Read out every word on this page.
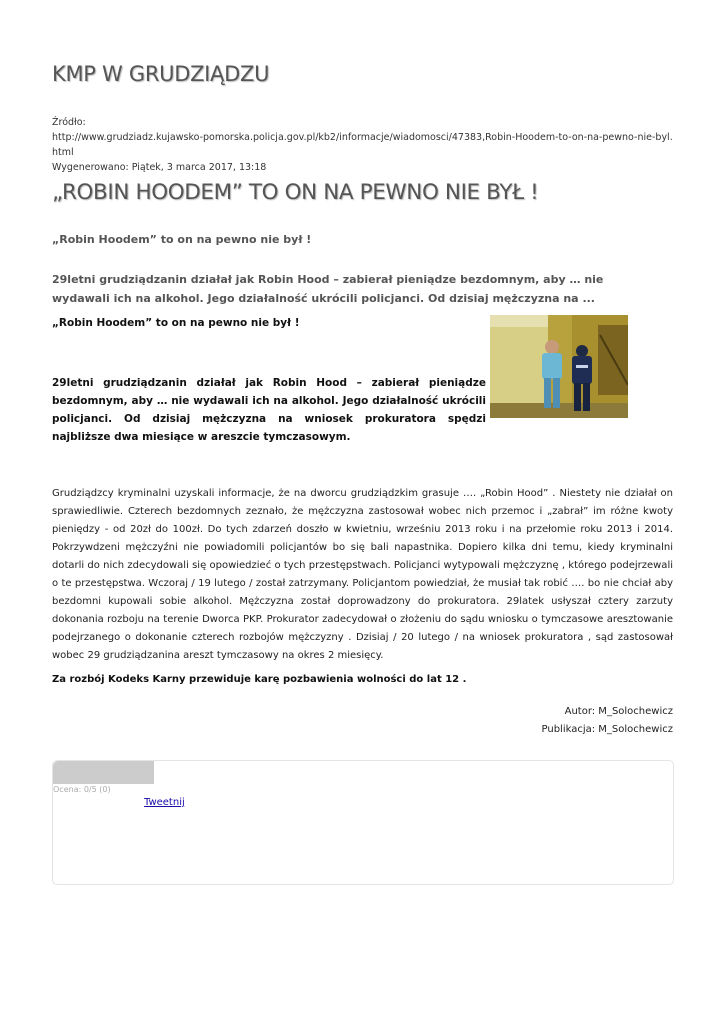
KMP W GRUDZIĄDZU
Źródło:
http://www.grudziadz.kujawsko-pomorska.policja.gov.pl/kb2/informacje/wiadomosci/47383,Robin-Hoodem-to-on-na-pewno-nie-byl.html
Wygenerowano: Piątek, 3 marca 2017, 13:18
„ROBIN HOODEM” TO ON NA PEWNO NIE BYŁ !
„Robin Hoodem” to on na pewno nie był !
29letni grudziądzanin działał jak Robin Hood – zabierał pieniądze bezdomnym, aby … nie wydawali ich na alkohol. Jego działalność ukrócili policjanci. Od dzisiaj mężczyzna na ...
„Robin Hoodem” to on na pewno nie był !
29letni grudziądzanin działał jak Robin Hood – zabierał pieniądze bezdomnym, aby … nie wydawali ich na alkohol. Jego działalność ukrócili policjanci. Od dzisiaj mężczyzna na wniosek prokuratora spędzi najbliższe dwa miesiące w areszcie tymczasowym.
Grudziądzcy kryminalni uzyskali informacje, że na dworcu grudziądzkim grasuje …. „Robin Hood” . Niestety nie działał on sprawiedliwie. Czterech bezdomnych zeznało, że mężczyzna zastosował wobec nich przemoc i „zabrał” im różne kwoty pieniędzy - od 20zł do 100zł. Do tych zdarzeń doszło w kwietniu, wrześniu 2013 roku i na przełomie roku 2013 i 2014. Pokrzywdzeni mężczyźni nie powiadomili policjantów bo się bali napastnika. Dopiero kilka dni temu, kiedy kryminalni dotarli do nich zdecydowali się opowiedzieć o tych przestępstwach. Policjanci wytypowali mężczyznę , którego podejrzewali o te przestępstwa. Wczoraj / 19 lutego / został zatrzymany. Policjantom powiedział, że musiał tak robić …. bo nie chciał aby bezdomni kupowali sobie alkohol. Mężczyzna został doprowadzony do prokuratora. 29latek usłyszał cztery zarzuty dokonania rozboju na terenie Dworca PKP. Prokurator zadecydował o złożeniu do sądu wniosku o tymczasowe aresztowanie podejrzanego o dokonanie czterech rozbojów mężczyzny . Dzisiaj / 20 lutego / na wniosek prokuratora , sąd zastosował wobec 29 grudziądzanina areszt tymczasowy na okres 2 miesięcy.
Za rozbój Kodeks Karny przewiduje karę pozbawienia wolności do lat 12 .
Autor: M_Solochewicz
Publikacja: M_Solochewicz
Ocena: 0/5 (0)
Tweetnij
